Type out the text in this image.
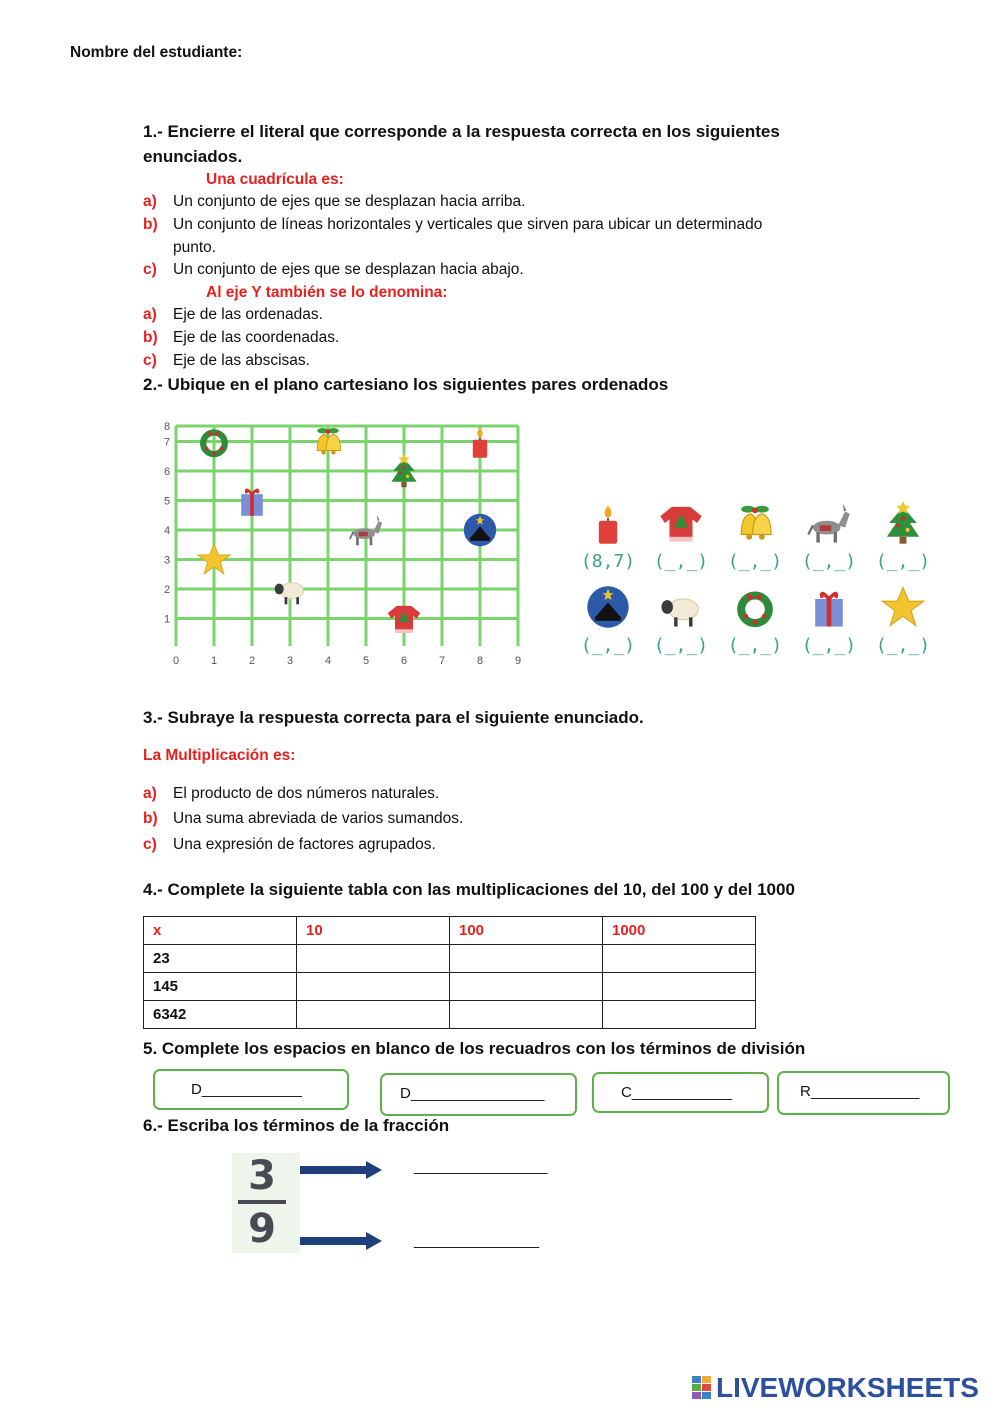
Nombre del estudiante:
1.- Encierre el literal que corresponde a la respuesta correcta en los siguientes
enunciados.
Una cuadrícula es:
a) Un conjunto de ejes que se desplazan hacia arriba.
b) Un conjunto de líneas horizontales y verticales que sirven para ubicar un determinado
punto.
c) Un conjunto de ejes que se desplazan hacia abajo.
Al eje Y también se lo denomina:
a) Eje de las ordenadas.
b) Eje de las coordenadas.
c) Eje de las abscisas.
2.- Ubique en el plano cartesiano los siguientes pares ordenados
0	1	2	3	4	5	6	7	8	9
1
2
3
4
5
6
7
8
(8,7) (_,_) (_,_) (_,_) (_,_)
(_,_) (_,_) (_,_) (_,_) (_,_)
3.- Subraye la respuesta correcta para el siguiente enunciado.
La Multiplicación es:
a) El producto de dos números naturales.
b) Una suma abreviada de varios sumandos.
c) Una expresión de factores agrupados.
4.- Complete la siguiente tabla con las multiplicaciones del 10, del 100 y del 1000
x	10	100	1000
23			
145			
6342			
5. Complete los espacios en blanco de los recuadros con los términos de división
D____________	D________________	C____________	R_____________
6.- Escriba los términos de la fracción
3
9
________________
_______________
LIVEWORKSHEETS
